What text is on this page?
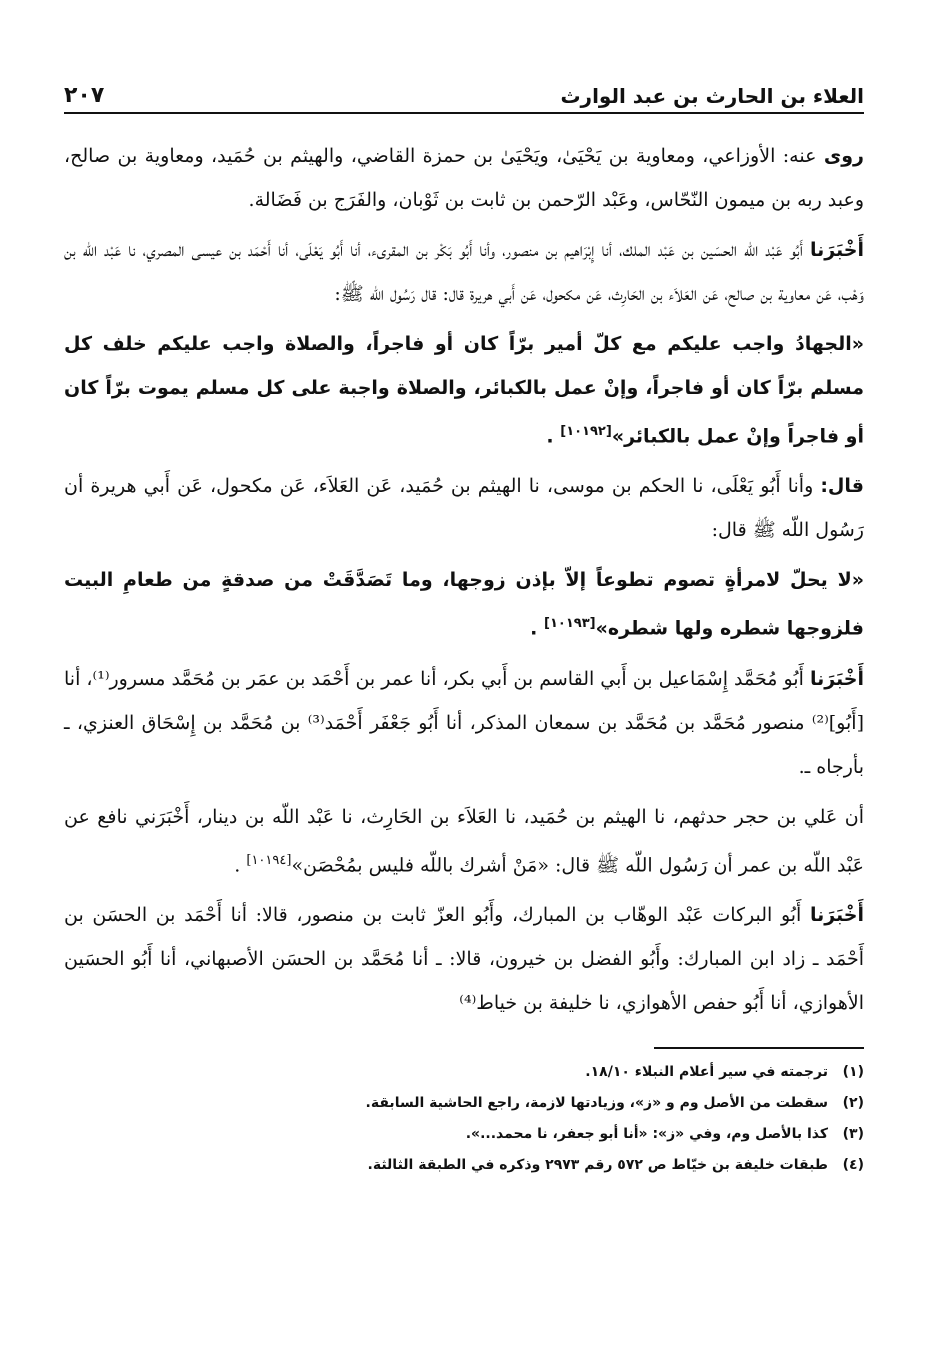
العلاء بن الحارث بن عبد الوارث
٢٠٧

روى عنه: الأوزاعي، ومعاوية بن يَحْيَىٰ، ويَحْيَىٰ بن حمزة القاضي، والهيثم بن حُمَيد، ومعاوية بن صالح، وعبد ربه بن ميمون النّحّاس، وعَبْد الرّحمن بن ثابت بن ثَوْبان، والفَرَج بن فَضَالة.

أَخْبَرَنا أَبُو عَبْد اللّه الحسَين بن عَبْد الملك، أنا إِبْرَاهيم بن منصور، وأنا أَبُو بَكْر بن المقرىء، أنا أَبُو يَعْلَى، أنا أَحْمَد بن عيسى المصري، نا عَبْد اللّه بن وَهْب، عَن معاوية بن صالح، عَن العَلاَء بن الحَارِث، عَن مكحول، عَن أَبي هريرة قال: قال رَسُول اللّه ﷺ:

«الجهادُ واجب عليكم مع كلّ أمير برّاً كان أو فاجراً، والصلاة واجب عليكم خلف كل مسلم برّاً كان أو فاجراً، وإنْ عمل بالكبائر، والصلاة واجبة على كل مسلم يموت برّاً كان أو فاجراً وإنْ عمل بالكبائر»[١٠١٩٢] .

قال: وأنا أَبُو يَعْلَى، نا الحكم بن موسى، نا الهيثم بن حُمَيد، عَن العَلاَء، عَن مكحول، عَن أَبي هريرة أن رَسُول اللّه ﷺ قال:

«لا يحلّ لامرأةٍ تصوم تطوعاً إلاّ بإذن زوجها، وما تَصَدَّقَتْ من صدقةٍ من طعامِ البيت فلزوجها شطره ولها شطره»[١٠١٩٣] .

أَخْبَرَنا أَبُو مُحَمَّد إِسْمَاعيل بن أَبي القاسم بن أَبي بكر، أنا عمر بن أَحْمَد بن عمَر بن مُحَمَّد مسرور⁽¹⁾، أنا [أَبُو]⁽²⁾ منصور مُحَمَّد بن مُحَمَّد بن سمعان المذكر، أنا أَبُو جَعْفَر أَحْمَد⁽³⁾ بن مُحَمَّد بن إِسْحَاق العنزي، ـ بأرجاه ـ.

أن عَلي بن حجر حدثهم، نا الهيثم بن حُمَيد، نا العَلاَء بن الحَارِث، نا عَبْد اللّه بن دينار، أَخْبَرَني نافع عن عَبْد اللّه بن عمر أن رَسُول اللّه ﷺ قال: «مَنْ أشرك باللّه فليس بمُحْصَن»[١٠١٩٤] .

أَخْبَرَنا أَبُو البركات عَبْد الوهّاب بن المبارك، وأَبُو العزّ ثابت بن منصور، قالا: أنا أَحْمَد بن الحسَن بن أَحْمَد ـ زاد ابن المبارك: وأَبُو الفضل بن خيرون، قالا: ـ أنا مُحَمَّد بن الحسَن الأصبهاني، أنا أَبُو الحسَين الأهوازي، أنا أَبُو حفص الأهوازي، نا خليفة بن خياط⁽⁴⁾

(١)
ترجمته في سير أعلام النبلاء ١٨/١٠.
(٢)
سقطت من الأصل وم و «ز»، وزيادتها لازمة، راجع الحاشية السابقة.
(٣)
كذا بالأصل وم، وفي «ز»: «أنا أبو جعفر، نا محمد...».
(٤)
طبقات خليفة بن خيّاط ص ٥٧٢ رقم ٢٩٧٣ وذكره في الطبقة الثالثة.
